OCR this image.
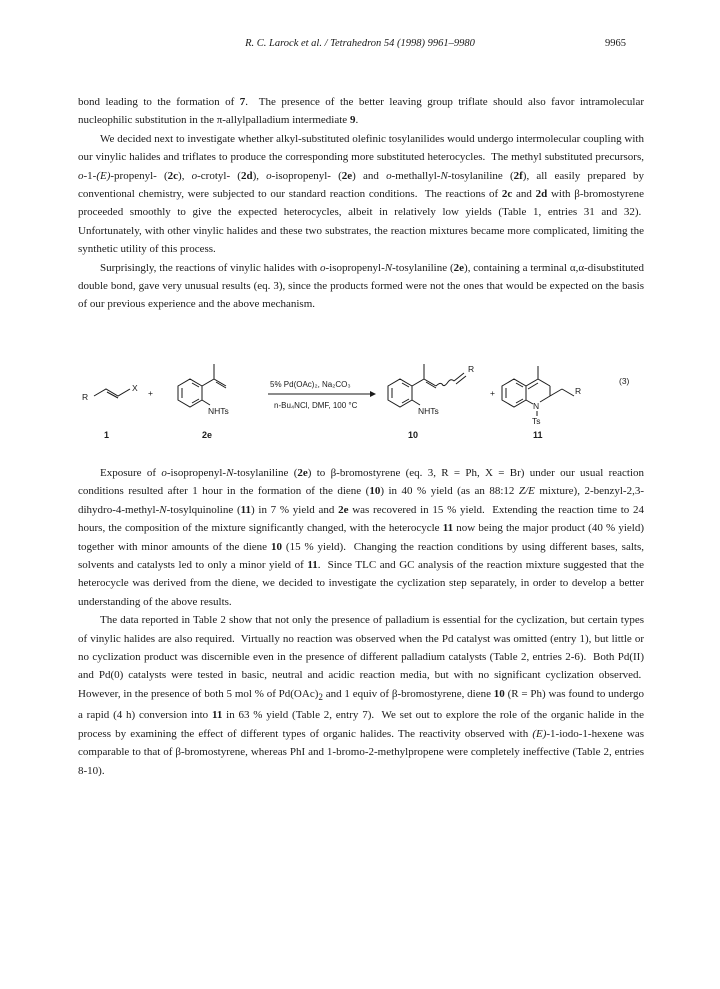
R. C. Larock et al. / Tetrahedron 54 (1998) 9961–9980	9965

bond leading to the formation of 7.  The presence of the better leaving group triflate should also favor intramolecular nucleophilic substitution in the π-allylpalladium intermediate 9.

We decided next to investigate whether alkyl-substituted olefinic tosylanilides would undergo intermolecular coupling with our vinylic halides and triflates to produce the corresponding more substituted heterocycles.  The methyl substituted precursors, o-1-(E)-propenyl- (2c), o-crotyl- (2d), o-isopropenyl- (2e) and o-methallyl-N-tosylaniline (2f), all easily prepared by conventional chemistry, were subjected to our standard reaction conditions.  The reactions of 2c and 2d with β-bromostyrene proceeded smoothly to give the expected heterocycles, albeit in relatively low yields (Table 1, entries 31 and 32).  Unfortunately, with other vinylic halides and these two substrates, the reaction mixtures became more complicated, limiting the synthetic utility of this process.

Surprisingly, the reactions of vinylic halides with o-isopropenyl-N-tosylaniline (2e), containing a terminal α,α-disubstituted double bond, gave very unusual results (eq. 3), since the products formed were not the ones that would be expected on the basis of our previous experience and the above mechanism.

R
X
1
+
NHTs
2e
5% Pd(OAc)₂, Na₂CO₃
n-Bu₄NCl, DMF, 100 °C
R
NHTs
10
+	R
N
Ts
11
(3)

Exposure of o-isopropenyl-N-tosylaniline (2e) to β-bromostyrene (eq. 3, R = Ph, X = Br) under our usual reaction conditions resulted after 1 hour in the formation of the diene (10) in 40 % yield (as an 88:12 Z/E mixture), 2-benzyl-2,3-dihydro-4-methyl-N-tosylquinoline (11) in 7 % yield and 2e was recovered in 15 % yield.  Extending the reaction time to 24 hours, the composition of the mixture significantly changed, with the heterocycle 11 now being the major product (40 % yield) together with minor amounts of the diene 10 (15 % yield).  Changing the reaction conditions by using different bases, salts, solvents and catalysts led to only a minor yield of 11.  Since TLC and GC analysis of the reaction mixture suggested that the heterocycle was derived from the diene, we decided to investigate the cyclization step separately, in order to develop a better understanding of the above results.

The data reported in Table 2 show that not only the presence of palladium is essential for the cyclization, but certain types of vinylic halides are also required.  Virtually no reaction was observed when the Pd catalyst was omitted (entry 1), but little or no cyclization product was discernible even in the presence of different palladium catalysts (Table 2, entries 2-6).  Both Pd(II) and Pd(0) catalysts were tested in basic, neutral and acidic reaction media, but with no significant cyclization observed.  However, in the presence of both 5 mol % of $Pd(OAc)_2$ and 1 equiv of β-bromostyrene, diene 10 (R = Ph) was found to undergo a rapid (4 h) conversion into 11 in 63 % yield (Table 2, entry 7).  We set out to explore the role of the organic halide in the process by examining the effect of different types of organic halides. The reactivity observed with (E)-1-iodo-1-hexene was comparable to that of β-bromostyrene, whereas PhI and 1-bromo-2-methylpropene were completely ineffective (Table 2, entries 8-10).
